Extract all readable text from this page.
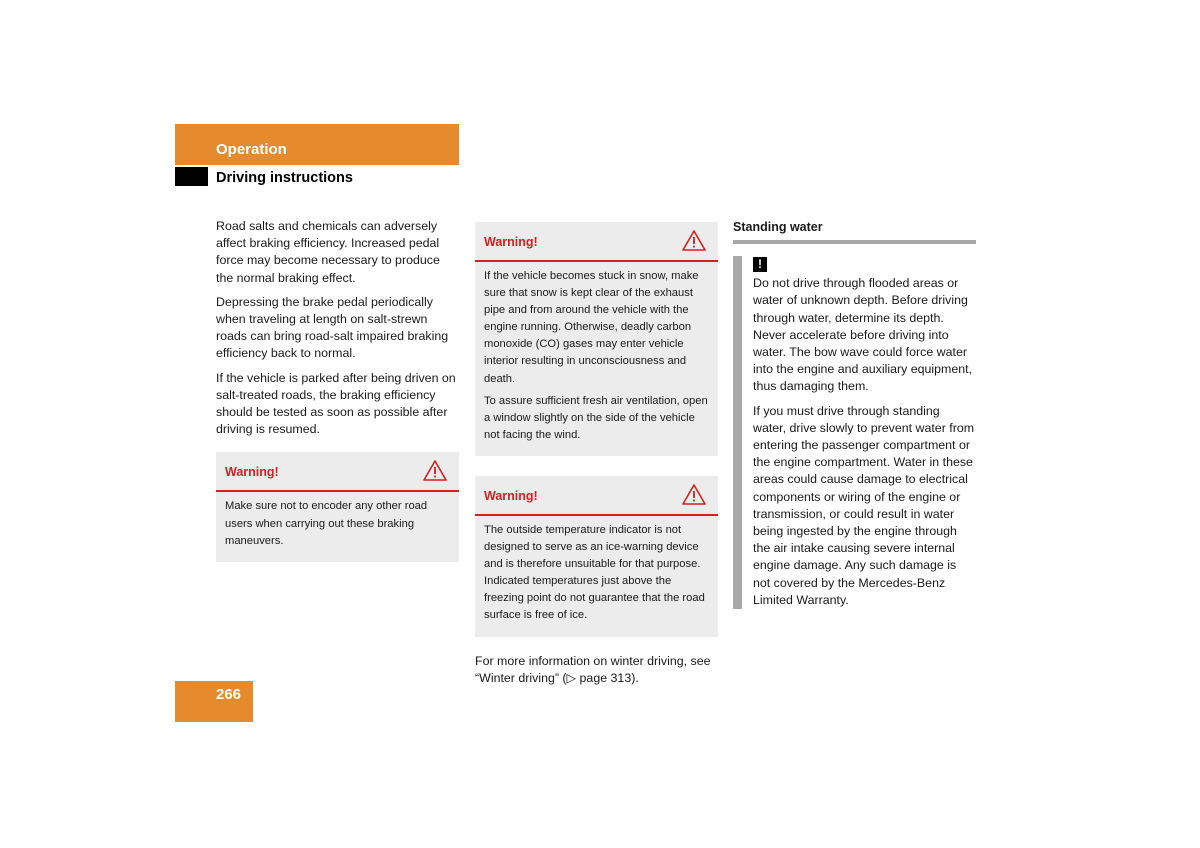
Operation
Driving instructions

Road salts and chemicals can adversely affect braking efficiency. Increased pedal force may become necessary to produce the normal braking effect.

Depressing the brake pedal periodically when traveling at length on salt-strewn roads can bring road-salt impaired braking efficiency back to normal.

If the vehicle is parked after being driven on salt-treated roads, the braking efficiency should be tested as soon as possible after driving is resumed.

Warning!

Make sure not to encoder any other road users when carrying out these braking maneuvers.

Warning!

If the vehicle becomes stuck in snow, make sure that snow is kept clear of the exhaust pipe and from around the vehicle with the engine running. Otherwise, deadly carbon monoxide (CO) gases may enter vehicle interior resulting in unconsciousness and death.

To assure sufficient fresh air ventilation, open a window slightly on the side of the vehicle not facing the wind.

Warning!

The outside temperature indicator is not designed to serve as an ice-warning device and is therefore unsuitable for that purpose. Indicated temperatures just above the freezing point do not guarantee that the road surface is free of ice.

For more information on winter driving, see “Winter driving” (▷ page 313).

Standing water
!

Do not drive through flooded areas or water of unknown depth. Before driving through water, determine its depth. Never accelerate before driving into water. The bow wave could force water into the engine and auxiliary equipment, thus damaging them.

If you must drive through standing water, drive slowly to prevent water from entering the passenger compartment or the engine compartment. Water in these areas could cause damage to electrical components or wiring of the engine or transmission, or could result in water being ingested by the engine through the air intake causing severe internal engine damage. Any such damage is not covered by the Mercedes-Benz Limited Warranty.

266
